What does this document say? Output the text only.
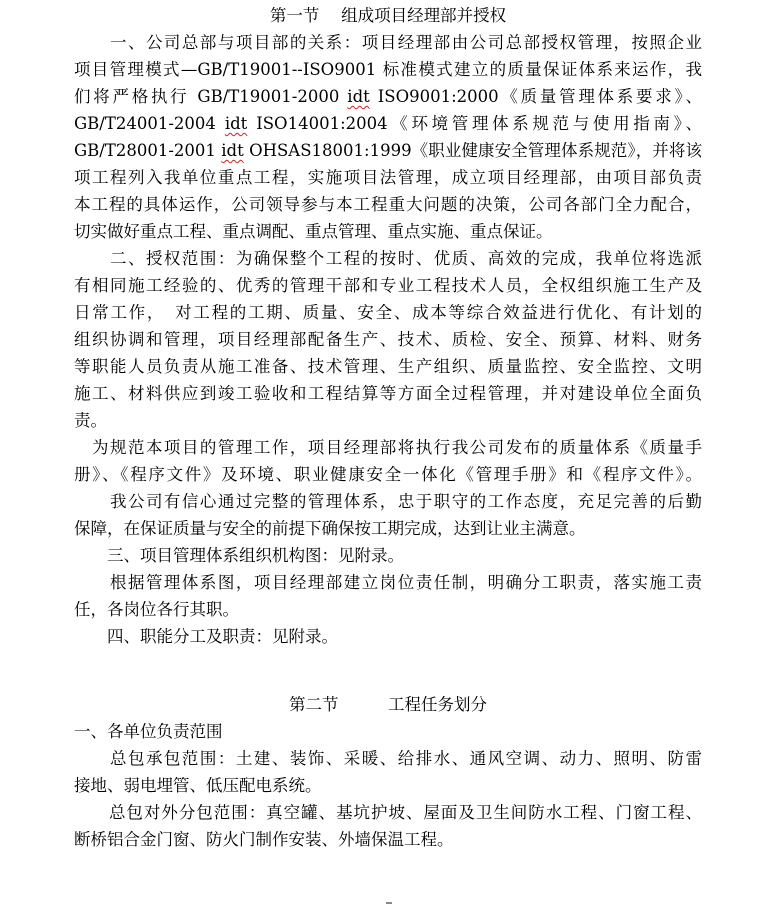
第一节　 组成项目经理部并授权
　　一、公司总部与项目部的关系：项目经理部由公司总部授权管理，按照企业
项目管理模式—GB/T19001--ISO9001 标准模式建立的质量保证体系来运作，我
们将严格执行 GB/T19001-2000 idt ISO9001:2000《质量管理体系要求》、
GB/T24001-2004 idt ISO14001:2004《环境管理体系规范与使用指南》、
GB/T28001-2001 idt OHSAS18001:1999《职业健康安全管理体系规范》，并将该
项工程列入我单位重点工程，实施项目法管理，成立项目经理部，由项目部负责
本工程的具体运作，公司领导参与本工程重大问题的决策，公司各部门全力配合，
切实做好重点工程、重点调配、重点管理、重点实施、重点保证。
　　二、授权范围：为确保整个工程的按时、优质、高效的完成，我单位将选派
有相同施工经验的、优秀的管理干部和专业工程技术人员，全权组织施工生产及
日常工作，　对工程的工期、质量、安全、成本等综合效益进行优化、有计划的
组织协调和管理，项目经理部配备生产、技术、质检、安全、预算、材料、财务
等职能人员负责从施工准备、技术管理、生产组织、质量监控、安全监控、文明
施工、材料供应到竣工验收和工程结算等方面全过程管理，并对建设单位全面负
责。
　为规范本项目的管理工作，项目经理部将执行我公司发布的质量体系《质量手
册》、《程序文件》及环境、职业健康安全一体化《管理手册》和《程序文件》。
　　我公司有信心通过完整的管理体系，忠于职守的工作态度，充足完善的后勤
保障，在保证质量与安全的前提下确保按工期完成，达到让业主满意。
　　三、项目管理体系组织机构图：见附录。
　　根据管理体系图，项目经理部建立岗位责任制，明确分工职责，落实施工责
任，各岗位各行其职。
　　四、职能分工及职责：见附录。
第二节　　　工程任务划分
一、各单位负责范围
　　总包承包范围：土建、装饰、采暖、给排水、通风空调、动力、照明、防雷
接地、弱电埋管、低压配电系统。
　　总包对外分包范围：真空罐、基坑护坡、屋面及卫生间防水工程、门窗工程、
断桥铝合金门窗、防火门制作安装、外墙保温工程。
